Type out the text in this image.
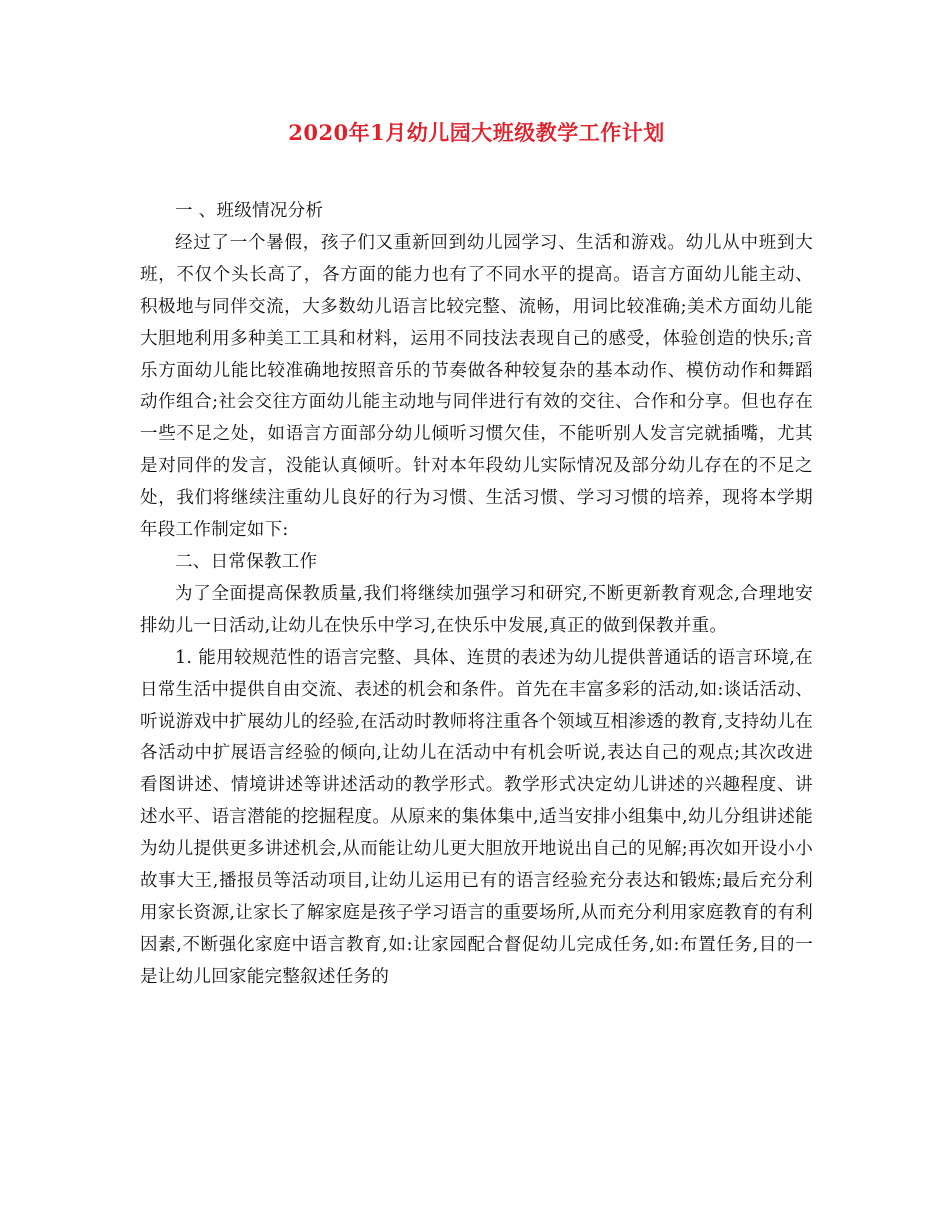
2020年1月幼儿园大班级教学工作计划

一 、班级情况分析

经过了一个暑假，孩子们又重新回到幼儿园学习、生活和游戏。幼儿从中班到大班，不仅个头长高了，各方面的能力也有了不同水平的提高。语言方面幼儿能主动、积极地与同伴交流，大多数幼儿语言比较完整、流畅，用词比较准确;美术方面幼儿能大胆地利用多种美工工具和材料，运用不同技法表现自己的感受，体验创造的快乐;音乐方面幼儿能比较准确地按照音乐的节奏做各种较复杂的基本动作、模仿动作和舞蹈动作组合;社会交往方面幼儿能主动地与同伴进行有效的交往、合作和分享。但也存在一些不足之处，如语言方面部分幼儿倾听习惯欠佳，不能听别人发言完就插嘴，尤其是对同伴的发言，没能认真倾听。针对本年段幼儿实际情况及部分幼儿存在的不足之处，我们将继续注重幼儿良好的行为习惯、生活习惯、学习习惯的培养，现将本学期年段工作制定如下:

二、日常保教工作

为了全面提高保教质量,我们将继续加强学习和研究,不断更新教育观念,合理地安排幼儿一日活动,让幼儿在快乐中学习,在快乐中发展,真正的做到保教并重。

1. 能用较规范性的语言完整、具体、连贯的表述为幼儿提供普通话的语言环境,在日常生活中提供自由交流、表述的机会和条件。首先在丰富多彩的活动,如:谈话活动、听说游戏中扩展幼儿的经验,在活动时教师将注重各个领域互相渗透的教育,支持幼儿在各活动中扩展语言经验的倾向,让幼儿在活动中有机会听说,表达自己的观点;其次改进看图讲述、情境讲述等讲述活动的教学形式。教学形式决定幼儿讲述的兴趣程度、讲述水平、语言潜能的挖掘程度。从原来的集体集中,适当安排小组集中,幼儿分组讲述能为幼儿提供更多讲述机会,从而能让幼儿更大胆放开地说出自己的见解;再次如开设小小故事大王,播报员等活动项目,让幼儿运用已有的语言经验充分表达和锻炼;最后充分利用家长资源,让家长了解家庭是孩子学习语言的重要场所,从而充分利用家庭教育的有利因素,不断强化家庭中语言教育,如:让家园配合督促幼儿完成任务,如:布置任务,目的一是让幼儿回家能完整叙述任务的
